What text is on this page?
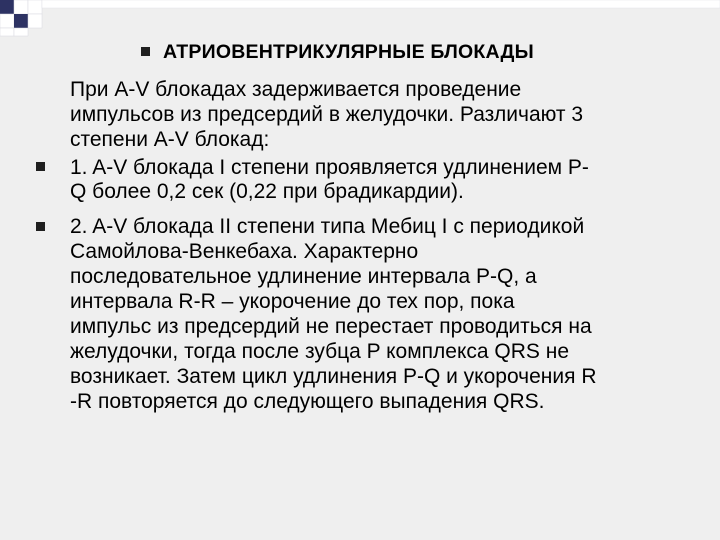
АТРИОВЕНТРИКУЛЯРНЫЕ БЛОКАДЫ
При A-V блокадах задерживается проведение
импульсов из предсердий в желудочки. Различают 3
степени A-V блокад:
1. A-V блокада I степени проявляется удлинением P-
Q более 0,2 сек (0,22 при брадикардии).
2. A-V блокада II степени типа Мебиц I с периодикой
Самойлова-Венкебаха. Характерно
последовательное удлинение интервала P-Q, а
интервала R-R – укорочение до тех пор, пока
импульс из предсердий не перестает проводиться на
желудочки, тогда после зубца P комплекса QRS не
возникает. Затем цикл удлинения P-Q и укорочения R
-R повторяется до следующего выпадения QRS.
